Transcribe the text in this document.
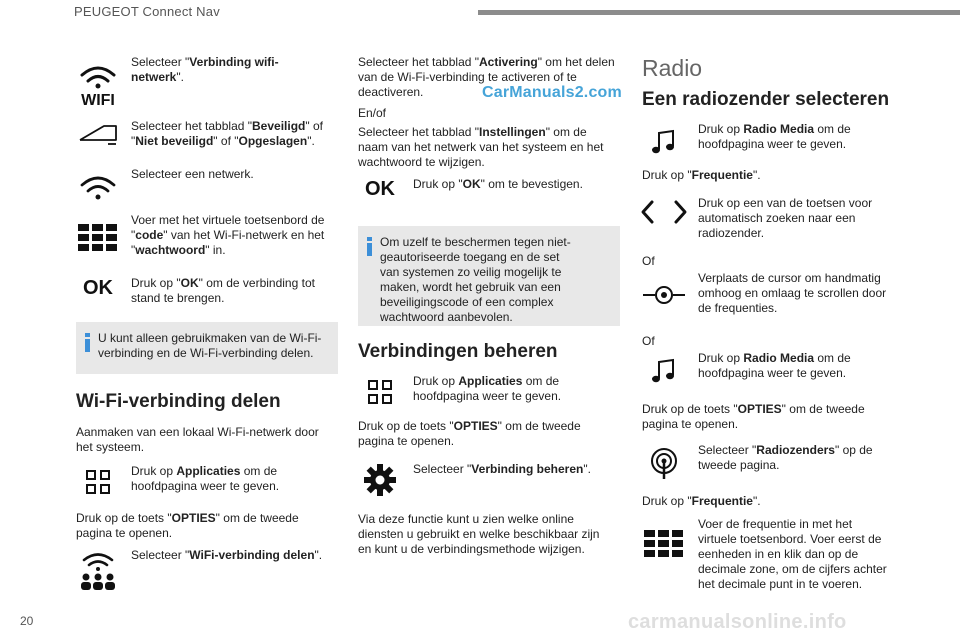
PEUGEOT Connect Nav
20	carmanualsonline.info
CarManuals2.com
WIFI
Selecteer "Verbinding wifi-netwerk".
Selecteer het tabblad "Beveiligd" of "Niet beveiligd" of "Opgeslagen".
Selecteer een netwerk.
Voer met het virtuele toetsenbord de "code" van het Wi-Fi-netwerk en het "wachtwoord" in.
OK Druk op "OK" om de verbinding tot stand te brengen.
U kunt alleen gebruikmaken van de Wi-Fi-verbinding en de Wi-Fi-verbinding delen.
Wi-Fi-verbinding delen
Aanmaken van een lokaal Wi-Fi-netwerk door het systeem.
Druk op Applicaties om de hoofdpagina weer te geven.
Druk op de toets "OPTIES" om de tweede pagina te openen.
Selecteer "WiFi-verbinding delen".
Selecteer het tabblad "Activering" om het delen van de Wi-Fi-verbinding te activeren of te deactiveren.
En/of
Selecteer het tabblad "Instellingen" om de naam van het netwerk van het systeem en het wachtwoord te wijzigen.
OK Druk op "OK" om te bevestigen.
Om uzelf te beschermen tegen niet-geautoriseerde toegang en de set van systemen zo veilig mogelijk te maken, wordt het gebruik van een beveiligingscode of een complex wachtwoord aanbevolen.
Verbindingen beheren
Druk op Applicaties om de hoofdpagina weer te geven.
Druk op de toets "OPTIES" om de tweede pagina te openen.
Selecteer "Verbinding beheren".
Via deze functie kunt u zien welke online diensten u gebruikt en welke beschikbaar zijn en kunt u de verbindingsmethode wijzigen.
Radio
Een radiozender selecteren
Druk op Radio Media om de hoofdpagina weer te geven.
Druk op "Frequentie".
Druk op een van de toetsen voor automatisch zoeken naar een radiozender.
Of
Verplaats de cursor om handmatig omhoog en omlaag te scrollen door de frequenties.
Of
Druk op Radio Media om de hoofdpagina weer te geven.
Druk op de toets "OPTIES" om de tweede pagina te openen.
Selecteer "Radiozenders" op de tweede pagina.
Druk op "Frequentie".
Voer de frequentie in met het virtuele toetsenbord. Voer eerst de eenheden in en klik dan op de decimale zone, om de cijfers achter het decimale punt in te voeren.
